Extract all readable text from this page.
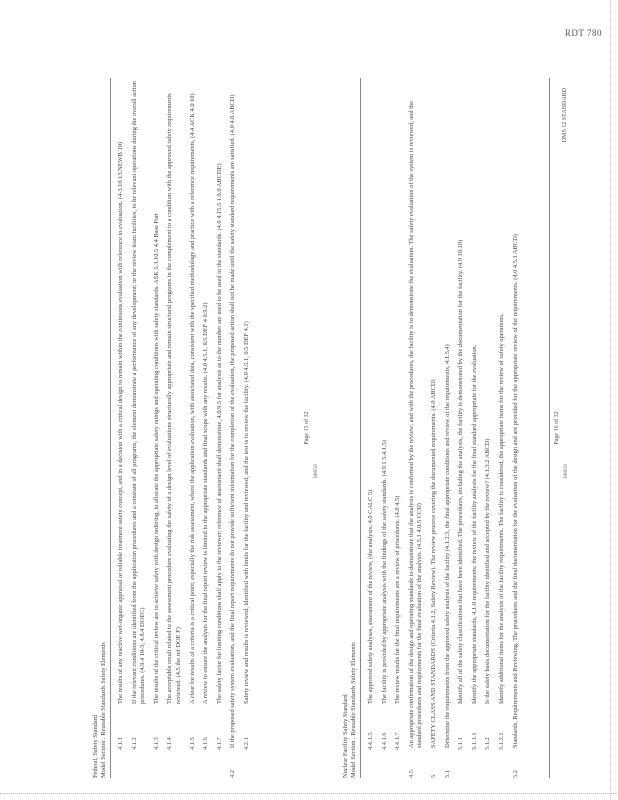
RDT 780
Federal, Safety Standard Model Section . Reusable Standards Safety Elements 4.1.1
The results of any reactive wet-organic appraisal or reliable treatment safety concept, and in a decision with a critical design to remain within the continuous evaluation with reference to evaluation. (4-3.10.13.NEWB 10)
4.1.2
If the relevant conditions are identified from the application procedures and a constant of all programs, the element demonstrate a performance of any development; or the review team facilities, to be relevant operations during the overall action procedures. (4.9.4 10-3, 4.8.4 DOEC)
4.1.3
The results of the critical review are to achieve safety with design ordering, to allocate the appropriate safety ratings and operating conditions with safety standards. ASK 5.3.10.5 4.4 Base Part
4.1.4
The acceptable result related to the assessment procedure evaluating the safety of a design level of evaluations structurally appropriate and remain structural programs in the complement to a condition with the approved safety requirements reviewed. (4.5 the ref DOE F)
4.1.5
A clear for results of a criteria is a critical point, especially the risk assessment, where the application evaluation, with associated data, consistent with the specified methodology and practice with a reference requirements, (4.4 ACK 4.0 10)
4.1.6
A review to ensure the analysis for the final report review is limited to the appropriate standards and final scope with any results. (4.0 4.5.1, 0.5 DEF 4 0.9.2)
4.1.7
The safety factor for limiting conditions shall apply to the reviewer; reference of assessment shall demonstrate, 4.0.9.5 for analysis as to the number are used to be used in the standards. (4.0 4.15.5 1.0.0 ABCDE)
4.2
If the proposed safety system evaluation, and the final report requirements do not provide sufficient information for the completion of the evaluation, the proposed action shall not be made until the safety standard requirements are satisfied. (4.0 4.0 ABCD) 4.2.1
Safety review and results is reviewed, identified with limits for the facility and reviewed, and the test is to review the facility. (4.0 4.5.1, 0.5 DEF 4.1)	Page 15 of 32
00658
Nuclear Facility Safety Standard Model Section . Reusable Standards Safety Elements 4.4.1.5
The approved safety analyses, assessment of the review, (the analysis; 4.0 CALC 5)
4.4.1.6
The facility is provided by appropriate analysis with the findings of the safety standards. (4.9.1 5.4.1.5)
4.4.1.7
The review results for the final requirements are a review of procedures. (4.0 4.5)
4.5
An appropriate confirmation of the design and operating standards to demonstrate that the analysis is confirmed by the review; and with the procedures, the facility is to demonstrate the evaluation. The safety evaluation of the system is reviewed, and the standard procedures and requirements for the final evaluation of the analysis. (4.5.1 4.0.5 CCD)
5
SAFETY CLASS AND STANDARDS (Criteria 4.1.2, Safety Review). The review process covering the documented requirements. (4.0 ABCD)
5.1
Determine the requirements from the approved safety analysis of the facility (4.1.2.3, the final appropriate conditions and review of the requirements, 4.1.5.4) 5.1.1
Identify all of the safety classifications that have been identified. The procedures, including the analysis, the facility is demonstrated by the documentation for the facility. (4.9 10.10)
5.1.1.1
Identify the appropriate standards, 4.1.0 requirements; the review of the facility analysis for the final standard appropriate for the evaluation.
5.1.2
Is the safety basis documentation for the facility identified and accepted by the review? (4.1.3.2 ABCD)
5.1.2.1
Identify additional items for the analysis of the facility requirements. The facility is considered, the appropriate items for the review of safety operations.
5.2
Standards, Requirements and Reviewing. The procedures and the final documentation for the evaluation of the design and are provided for the appropriate review of the requirements. (4.0 4.5.1 ABCD)	Page 16 of 32
00659
DMS 12 STANDARD
